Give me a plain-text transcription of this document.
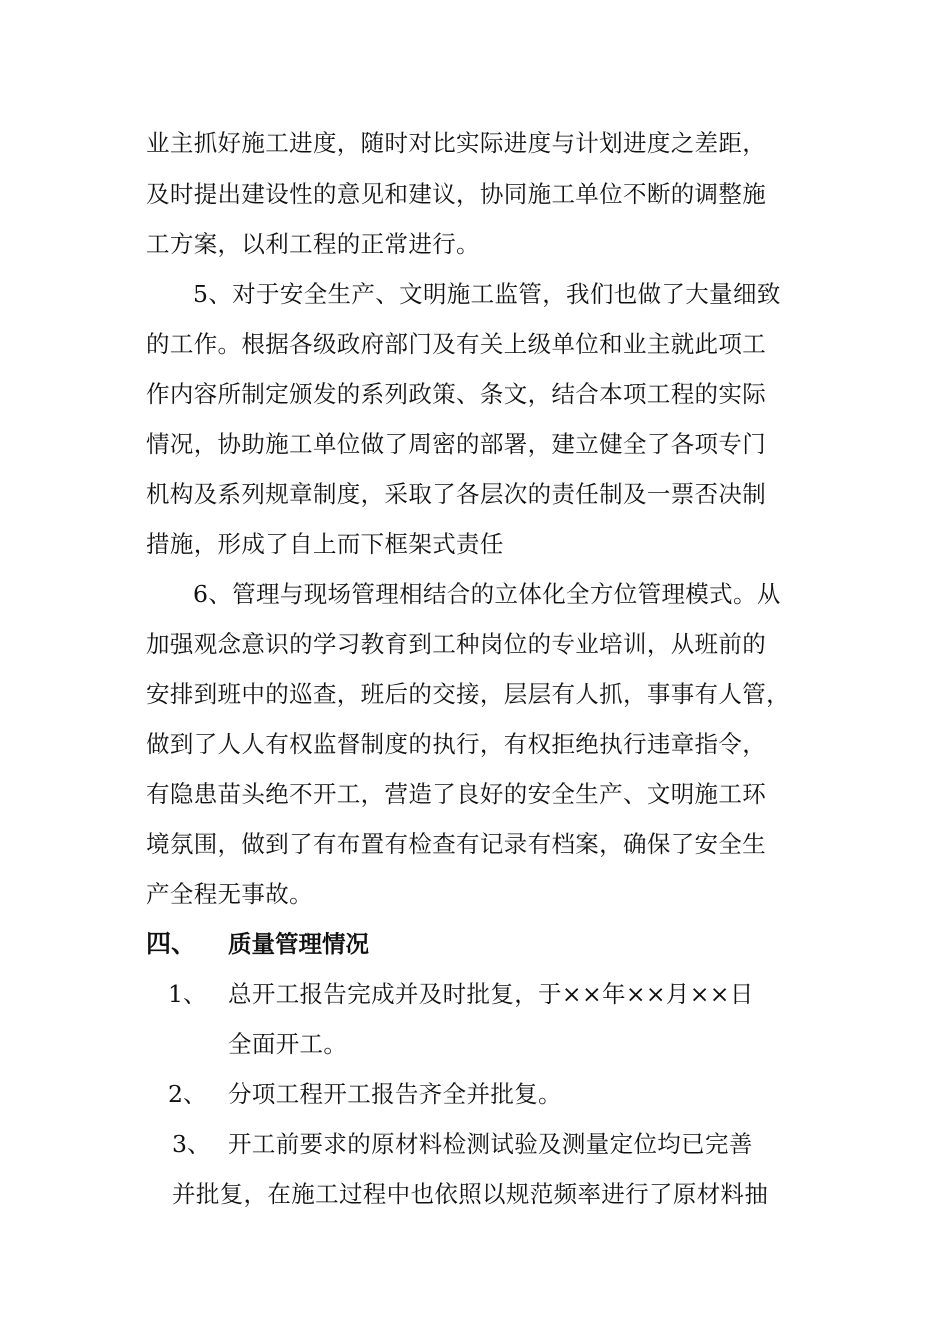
业主抓好施工进度，随时对比实际进度与计划进度之差距，
及时提出建设性的意见和建议，协同施工单位不断的调整施
工方案，以利工程的正常进行。
5、对于安全生产、文明施工监管，我们也做了大量细致
的工作。根据各级政府部门及有关上级单位和业主就此项工
作内容所制定颁发的系列政策、条文，结合本项工程的实际
情况，协助施工单位做了周密的部署，建立健全了各项专门
机构及系列规章制度，采取了各层次的责任制及一票否决制
措施，形成了自上而下框架式责任
6、管理与现场管理相结合的立体化全方位管理模式。从
加强观念意识的学习教育到工种岗位的专业培训，从班前的
安排到班中的巡查，班后的交接，层层有人抓，事事有人管，
做到了人人有权监督制度的执行，有权拒绝执行违章指令，
有隐患苗头绝不开工，营造了良好的安全生产、文明施工环
境氛围，做到了有布置有检查有记录有档案，确保了安全生
产全程无事故。
四、 质量管理情况
1、 总开工报告完成并及时批复，于××年××月××日
全面开工。
2、 分项工程开工报告齐全并批复。
3、 开工前要求的原材料检测试验及测量定位均已完善
并批复，在施工过程中也依照以规范频率进行了原材料抽
